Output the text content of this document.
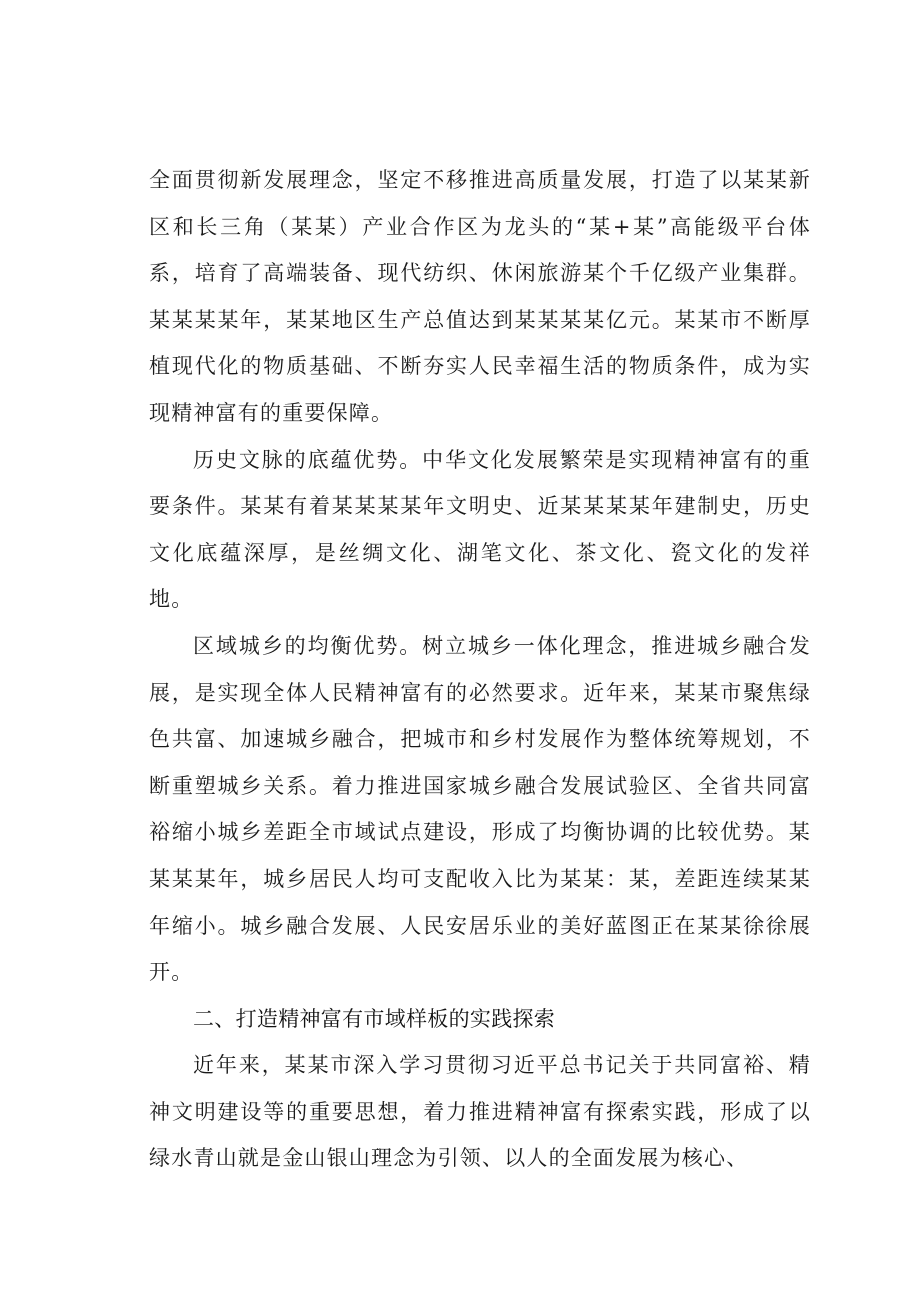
全面贯彻新发展理念，坚定不移推进高质量发展，打造了以某某新区和长三角（某某）产业合作区为龙头的“某+某”高能级平台体系，培育了高端装备、现代纺织、休闲旅游某个千亿级产业集群。某某某某年，某某地区生产总值达到某某某某亿元。某某市不断厚植现代化的物质基础、不断夯实人民幸福生活的物质条件，成为实现精神富有的重要保障。

历史文脉的底蕴优势。中华文化发展繁荣是实现精神富有的重要条件。某某有着某某某某年文明史、近某某某某年建制史，历史文化底蕴深厚，是丝绸文化、湖笔文化、茶文化、瓷文化的发祥地。

区域城乡的均衡优势。树立城乡一体化理念，推进城乡融合发展，是实现全体人民精神富有的必然要求。近年来，某某市聚焦绿色共富、加速城乡融合，把城市和乡村发展作为整体统筹规划，不断重塑城乡关系。着力推进国家城乡融合发展试验区、全省共同富裕缩小城乡差距全市域试点建设，形成了均衡协调的比较优势。某某某某年，城乡居民人均可支配收入比为某某：某，差距连续某某年缩小。城乡融合发展、人民安居乐业的美好蓝图正在某某徐徐展开。

二、打造精神富有市域样板的实践探索

近年来，某某市深入学习贯彻习近平总书记关于共同富裕、精神文明建设等的重要思想，着力推进精神富有探索实践，形成了以绿水青山就是金山银山理念为引领、以人的全面发展为核心、
